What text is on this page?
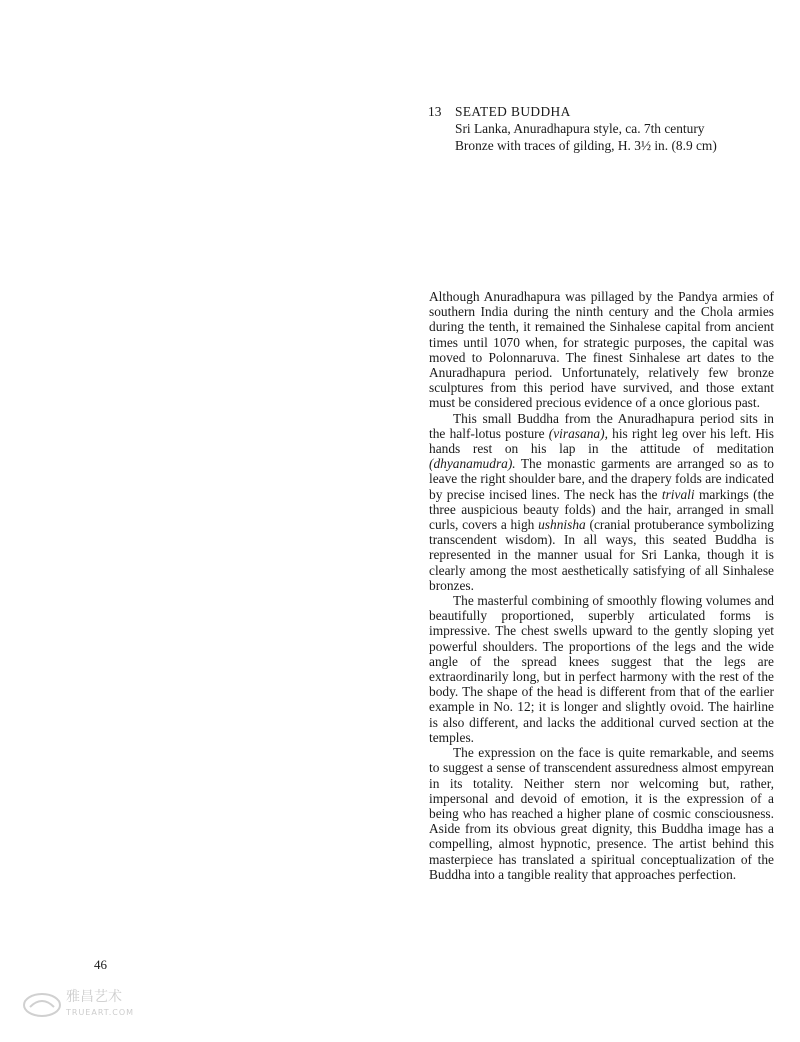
13	SEATED BUDDHA
Sri Lanka, Anuradhapura style, ca. 7th century
Bronze with traces of gilding, H. 3½ in. (8.9 cm)

Although Anuradhapura was pillaged by the Pandya armies of southern India during the ninth century and the Chola armies during the tenth, it remained the Sinhalese capital from ancient times until 1070 when, for strategic purposes, the capital was moved to Polonnaruva. The finest Sinhalese art dates to the Anuradhapura period. Unfortunately, relatively few bronze sculptures from this period have survived, and those extant must be considered precious evidence of a once glorious past.

This small Buddha from the Anuradhapura period sits in the half-lotus posture (virasana), his right leg over his left. His hands rest on his lap in the attitude of meditation (dhyanamudra). The monastic garments are arranged so as to leave the right shoulder bare, and the drapery folds are indicated by precise incised lines. The neck has the trivali markings (the three auspicious beauty folds) and the hair, arranged in small curls, covers a high ushnisha (cranial protuberance symbolizing transcendent wisdom). In all ways, this seated Buddha is represented in the manner usual for Sri Lanka, though it is clearly among the most aesthetically satisfying of all Sinhalese bronzes.

The masterful combining of smoothly flowing volumes and beautifully proportioned, superbly articulated forms is impressive. The chest swells upward to the gently sloping yet powerful shoulders. The proportions of the legs and the wide angle of the spread knees suggest that the legs are extraordinarily long, but in perfect harmony with the rest of the body. The shape of the head is different from that of the earlier example in No. 12; it is longer and slightly ovoid. The hairline is also different, and lacks the additional curved section at the temples.

The expression on the face is quite remarkable, and seems to suggest a sense of transcendent assuredness almost empyrean in its totality. Neither stern nor welcoming but, rather, impersonal and devoid of emotion, it is the expression of a being who has reached a higher plane of cosmic consciousness. Aside from its obvious great dignity, this Buddha image has a compelling, almost hypnotic, presence. The artist behind this masterpiece has translated a spiritual conceptualization of the Buddha into a tangible reality that approaches perfection.

46
雅昌艺术
TRUEART.COM
